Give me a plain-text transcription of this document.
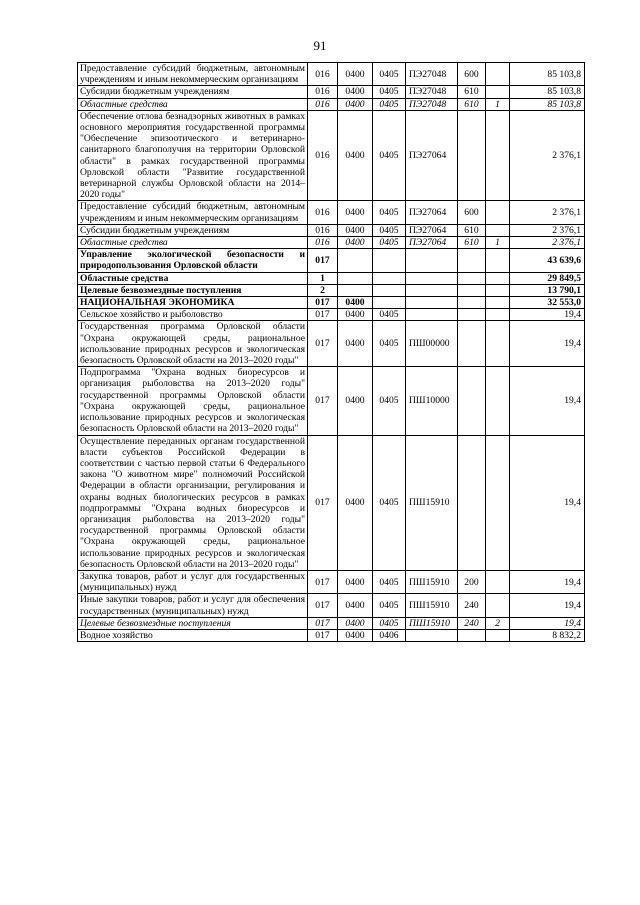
91
Предоставление субсидий бюджетным, автономным учреждениям и иным некоммерческим организациям	016	0400	0405	ПЭ27048	600		85 103,8
Субсидии бюджетным учреждениям	016	0400	0405	ПЭ27048	610		85 103,8
Областные средства	016	0400	0405	ПЭ27048	610	1	85 103,8
Обеспечение отлова безнадзорных животных в рамках основного мероприятия государственной программы "Обеспечение эпизоотического и ветеринарно-санитарного благополучия на территории Орловской области" в рамках государственной программы Орловской области "Развитие государственной ветеринарной службы Орловской области на 2014–2020 годы"	016	0400	0405	ПЭ27064			2 376,1
Предоставление субсидий бюджетным, автономным учреждениям и иным некоммерческим организациям	016	0400	0405	ПЭ27064	600		2 376,1
Субсидии бюджетным учреждениям	016	0400	0405	ПЭ27064	610		2 376,1
Областные средства	016	0400	0405	ПЭ27064	610	1	2 376,1
Управление экологической безопасности и природопользования Орловской области	017						43 639,6
Областные средства	1						29 849,5
Целевые безвозмездные поступления	2						13 790,1
НАЦИОНАЛЬНАЯ ЭКОНОМИКА	017	0400					32 553,0
Сельское хозяйство и рыболовство	017	0400	0405				19,4
Государственная программа Орловской области "Охрана окружающей среды, рациональное использование природных ресурсов и экологическая безопасность Орловской области на 2013–2020 годы"	017	0400	0405	ПШ00000			19,4
Подпрограмма "Охрана водных биоресурсов и организация рыболовства на 2013–2020 годы" государственной программы Орловской области "Охрана окружающей среды, рациональное использование природных ресурсов и экологическая безопасность Орловской области на 2013–2020 годы"	017	0400	0405	ПШ10000			19,4
Осуществление переданных органам государственной власти субъектов Российской Федерации в соответствии с частью первой статьи 6 Федерального закона "О животном мире" полномочий Российской Федерации в области организации, регулирования и охраны водных биологических ресурсов в рамках подпрограммы "Охрана водных биоресурсов и организация рыболовства на 2013–2020 годы" государственной программы Орловской области "Охрана окружающей среды, рациональное использование природных ресурсов и экологическая безопасность Орловской области на 2013–2020 годы"	017	0400	0405	ПШ15910			19,4
Закупка товаров, работ и услуг для государственных (муниципальных) нужд	017	0400	0405	ПШ15910	200		19,4
Иные закупки товаров, работ и услуг для обеспечения государственных (муниципальных) нужд	017	0400	0405	ПШ15910	240		19,4
Целевые безвозмездные поступления	017	0400	0405	ПШ15910	240	2	19,4
Водное хозяйство	017	0400	0406				8 832,2
